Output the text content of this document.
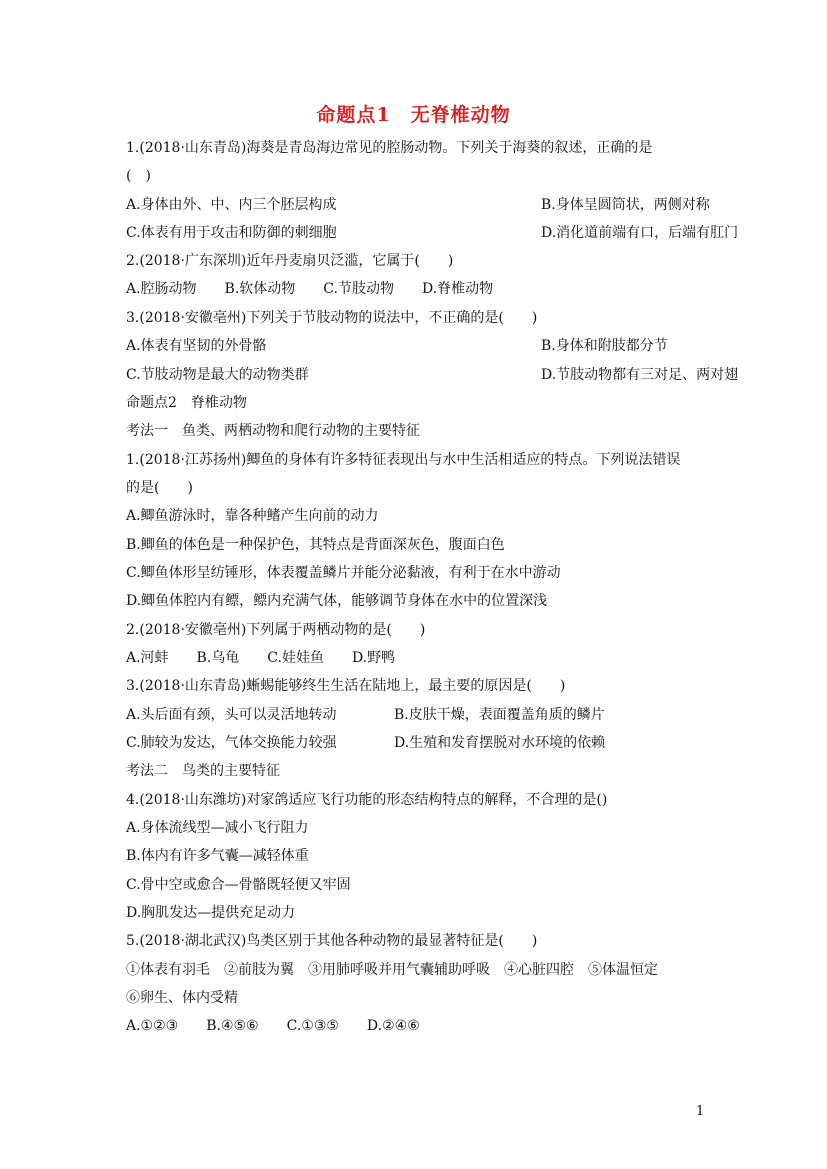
命题点1　无脊椎动物
1.(2018·山东青岛)海葵是青岛海边常见的腔肠动物。下列关于海葵的叙述，正确的是
(　)
A.身体由外、中、内三个胚层构成	B.身体呈圆筒状，两侧对称
C.体表有用于攻击和防御的刺细胞	D.消化道前端有口，后端有肛门
2.(2018·广东深圳)近年丹麦扇贝泛滥，它属于(　　)
A.腔肠动物　　B.软体动物　　C.节肢动物　　D.脊椎动物
3.(2018·安徽亳州)下列关于节肢动物的说法中，不正确的是(　　)
A.体表有坚韧的外骨骼	B.身体和附肢都分节
C.节肢动物是最大的动物类群	D.节肢动物都有三对足、两对翅
命题点2　脊椎动物
考法一　鱼类、两栖动物和爬行动物的主要特征
1.(2018·江苏扬州)鲫鱼的身体有许多特征表现出与水中生活相适应的特点。下列说法错误
的是(　　)
A.鲫鱼游泳时，靠各种鳍产生向前的动力
B.鲫鱼的体色是一种保护色，其特点是背面深灰色，腹面白色
C.鲫鱼体形呈纺锤形，体表覆盖鳞片并能分泌黏液，有利于在水中游动
D.鲫鱼体腔内有鳔，鳔内充满气体，能够调节身体在水中的位置深浅
2.(2018·安徽亳州)下列属于两栖动物的是(　　)
A.河蚌　　B.乌龟　　C.娃娃鱼　　D.野鸭
3.(2018·山东青岛)蜥蜴能够终生生活在陆地上，最主要的原因是(　　)
A.头后面有颈，头可以灵活地转动	B.皮肤干燥，表面覆盖角质的鳞片
C.肺较为发达，气体交换能力较强	D.生殖和发育摆脱对水环境的依赖
考法二　鸟类的主要特征
4.(2018·山东潍坊)对家鸽适应飞行功能的形态结构特点的解释，不合理的是()
A.身体流线型—减小飞行阻力
B.体内有许多气囊—减轻体重
C.骨中空或愈合—骨骼既轻便又牢固
D.胸肌发达—提供充足动力
5.(2018·湖北武汉)鸟类区别于其他各种动物的最显著特征是(　　)
①体表有羽毛　②前肢为翼　③用肺呼吸并用气囊辅助呼吸　④心脏四腔　⑤体温恒定
⑥卵生、体内受精
A.①②③　　B.④⑤⑥　　C.①③⑤　　D.②④⑥
1
